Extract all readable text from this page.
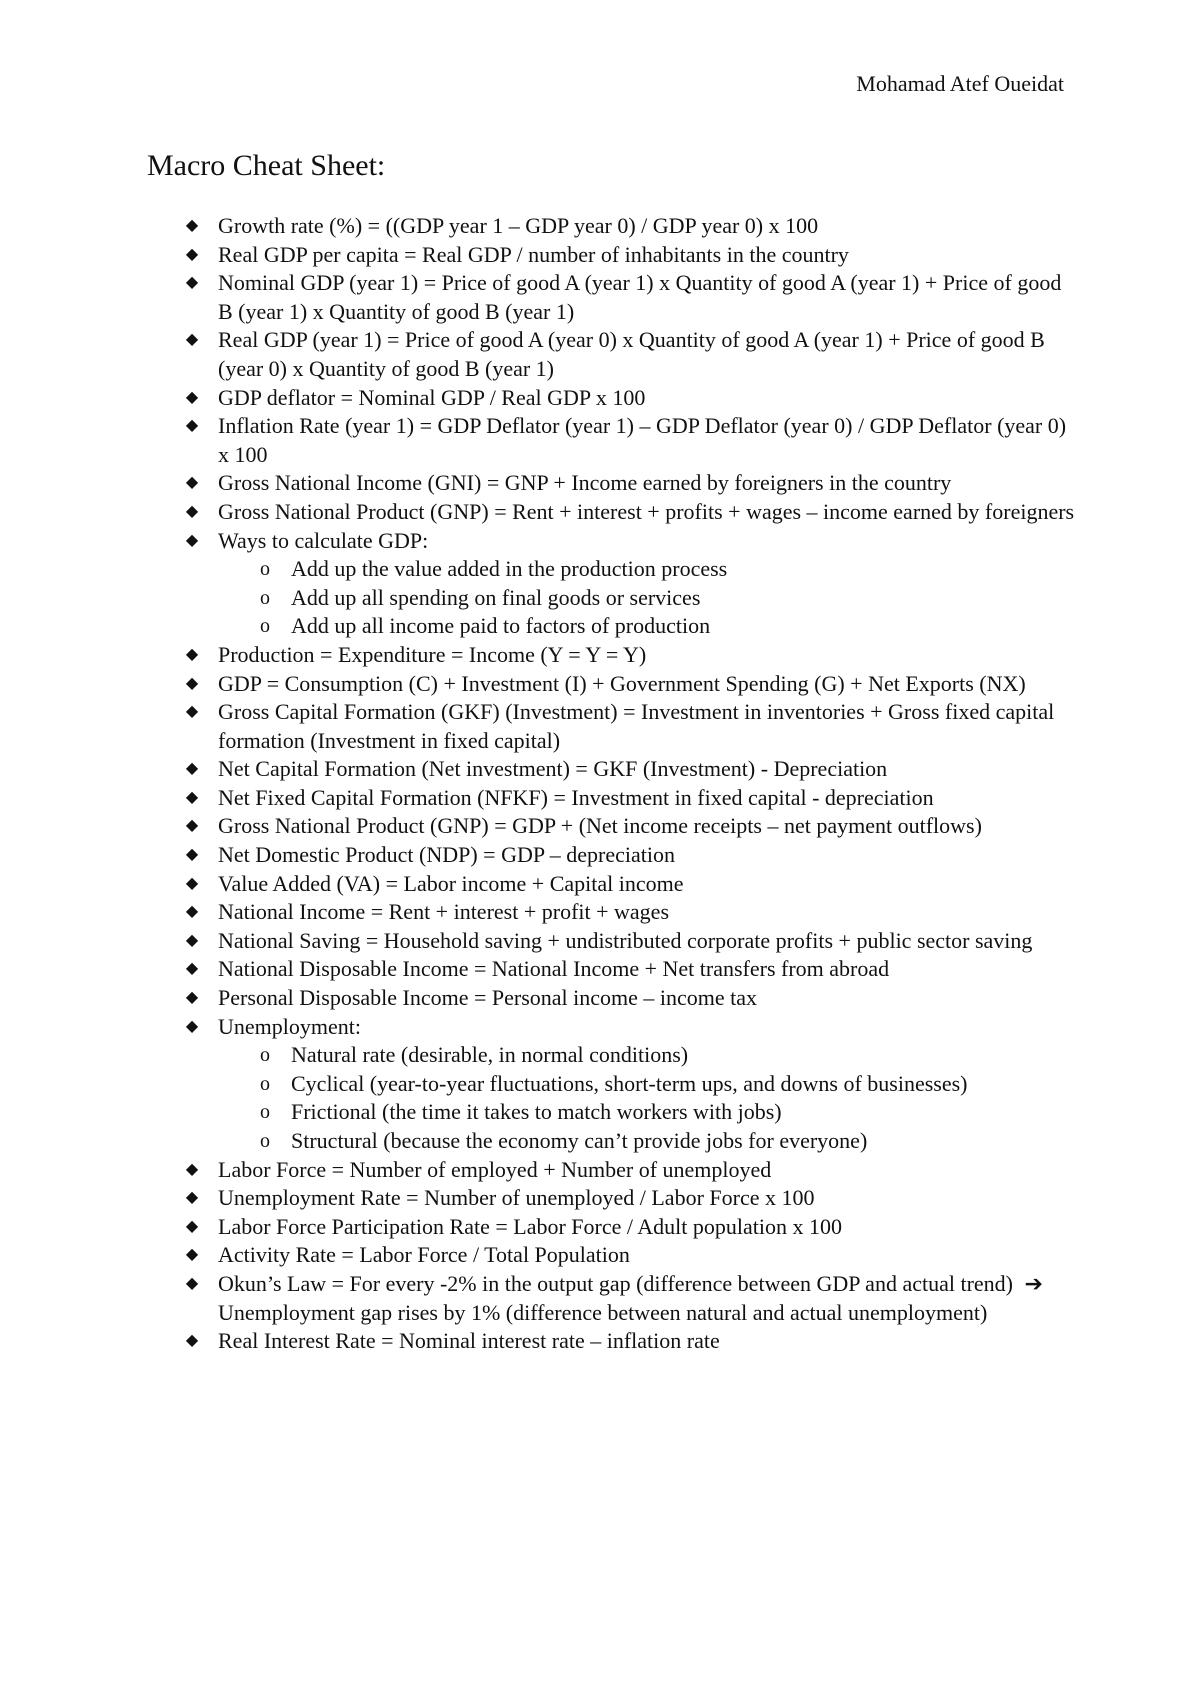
Mohamad Atef Oueidat
Macro Cheat Sheet:
◆ Growth rate (%) = ((GDP year 1 – GDP year 0) / GDP year 0) x 100
◆ Real GDP per capita = Real GDP / number of inhabitants in the country
◆ Nominal GDP (year 1) = Price of good A (year 1) x Quantity of good A (year 1) + Price of good B (year 1) x Quantity of good B (year 1)
◆ Real GDP (year 1) = Price of good A (year 0) x Quantity of good A (year 1) + Price of good B (year 0) x Quantity of good B (year 1)
◆ GDP deflator = Nominal GDP / Real GDP x 100
◆ Inflation Rate (year 1) = GDP Deflator (year 1) – GDP Deflator (year 0) / GDP Deflator (year 0) x 100
◆ Gross National Income (GNI) = GNP + Income earned by foreigners in the country
◆ Gross National Product (GNP) = Rent + interest + profits + wages – income earned by foreigners
◆ Ways to calculate GDP:
o Add up the value added in the production process
o Add up all spending on final goods or services
o Add up all income paid to factors of production
◆ Production = Expenditure = Income (Y = Y = Y)
◆ GDP = Consumption (C) + Investment (I) + Government Spending (G) + Net Exports (NX)
◆ Gross Capital Formation (GKF) (Investment) = Investment in inventories + Gross fixed capital formation (Investment in fixed capital)
◆ Net Capital Formation (Net investment) = GKF (Investment) - Depreciation
◆ Net Fixed Capital Formation (NFKF) = Investment in fixed capital - depreciation
◆ Gross National Product (GNP) = GDP + (Net income receipts – net payment outflows)
◆ Net Domestic Product (NDP) = GDP – depreciation
◆ Value Added (VA) = Labor income + Capital income
◆ National Income = Rent + interest + profit + wages
◆ National Saving = Household saving + undistributed corporate profits + public sector saving
◆ National Disposable Income = National Income + Net transfers from abroad
◆ Personal Disposable Income = Personal income – income tax
◆ Unemployment:
o Natural rate (desirable, in normal conditions)
o Cyclical (year-to-year fluctuations, short-term ups, and downs of businesses)
o Frictional (the time it takes to match workers with jobs)
o Structural (because the economy can’t provide jobs for everyone)
◆ Labor Force = Number of employed + Number of unemployed
◆ Unemployment Rate = Number of unemployed / Labor Force x 100
◆ Labor Force Participation Rate = Labor Force / Adult population x 100
◆ Activity Rate = Labor Force / Total Population
◆ Okun’s Law = For every -2% in the output gap (difference between GDP and actual trend) ➔Unemployment gap rises by 1% (difference between natural and actual unemployment)
◆ Real Interest Rate = Nominal interest rate – inflation rate
